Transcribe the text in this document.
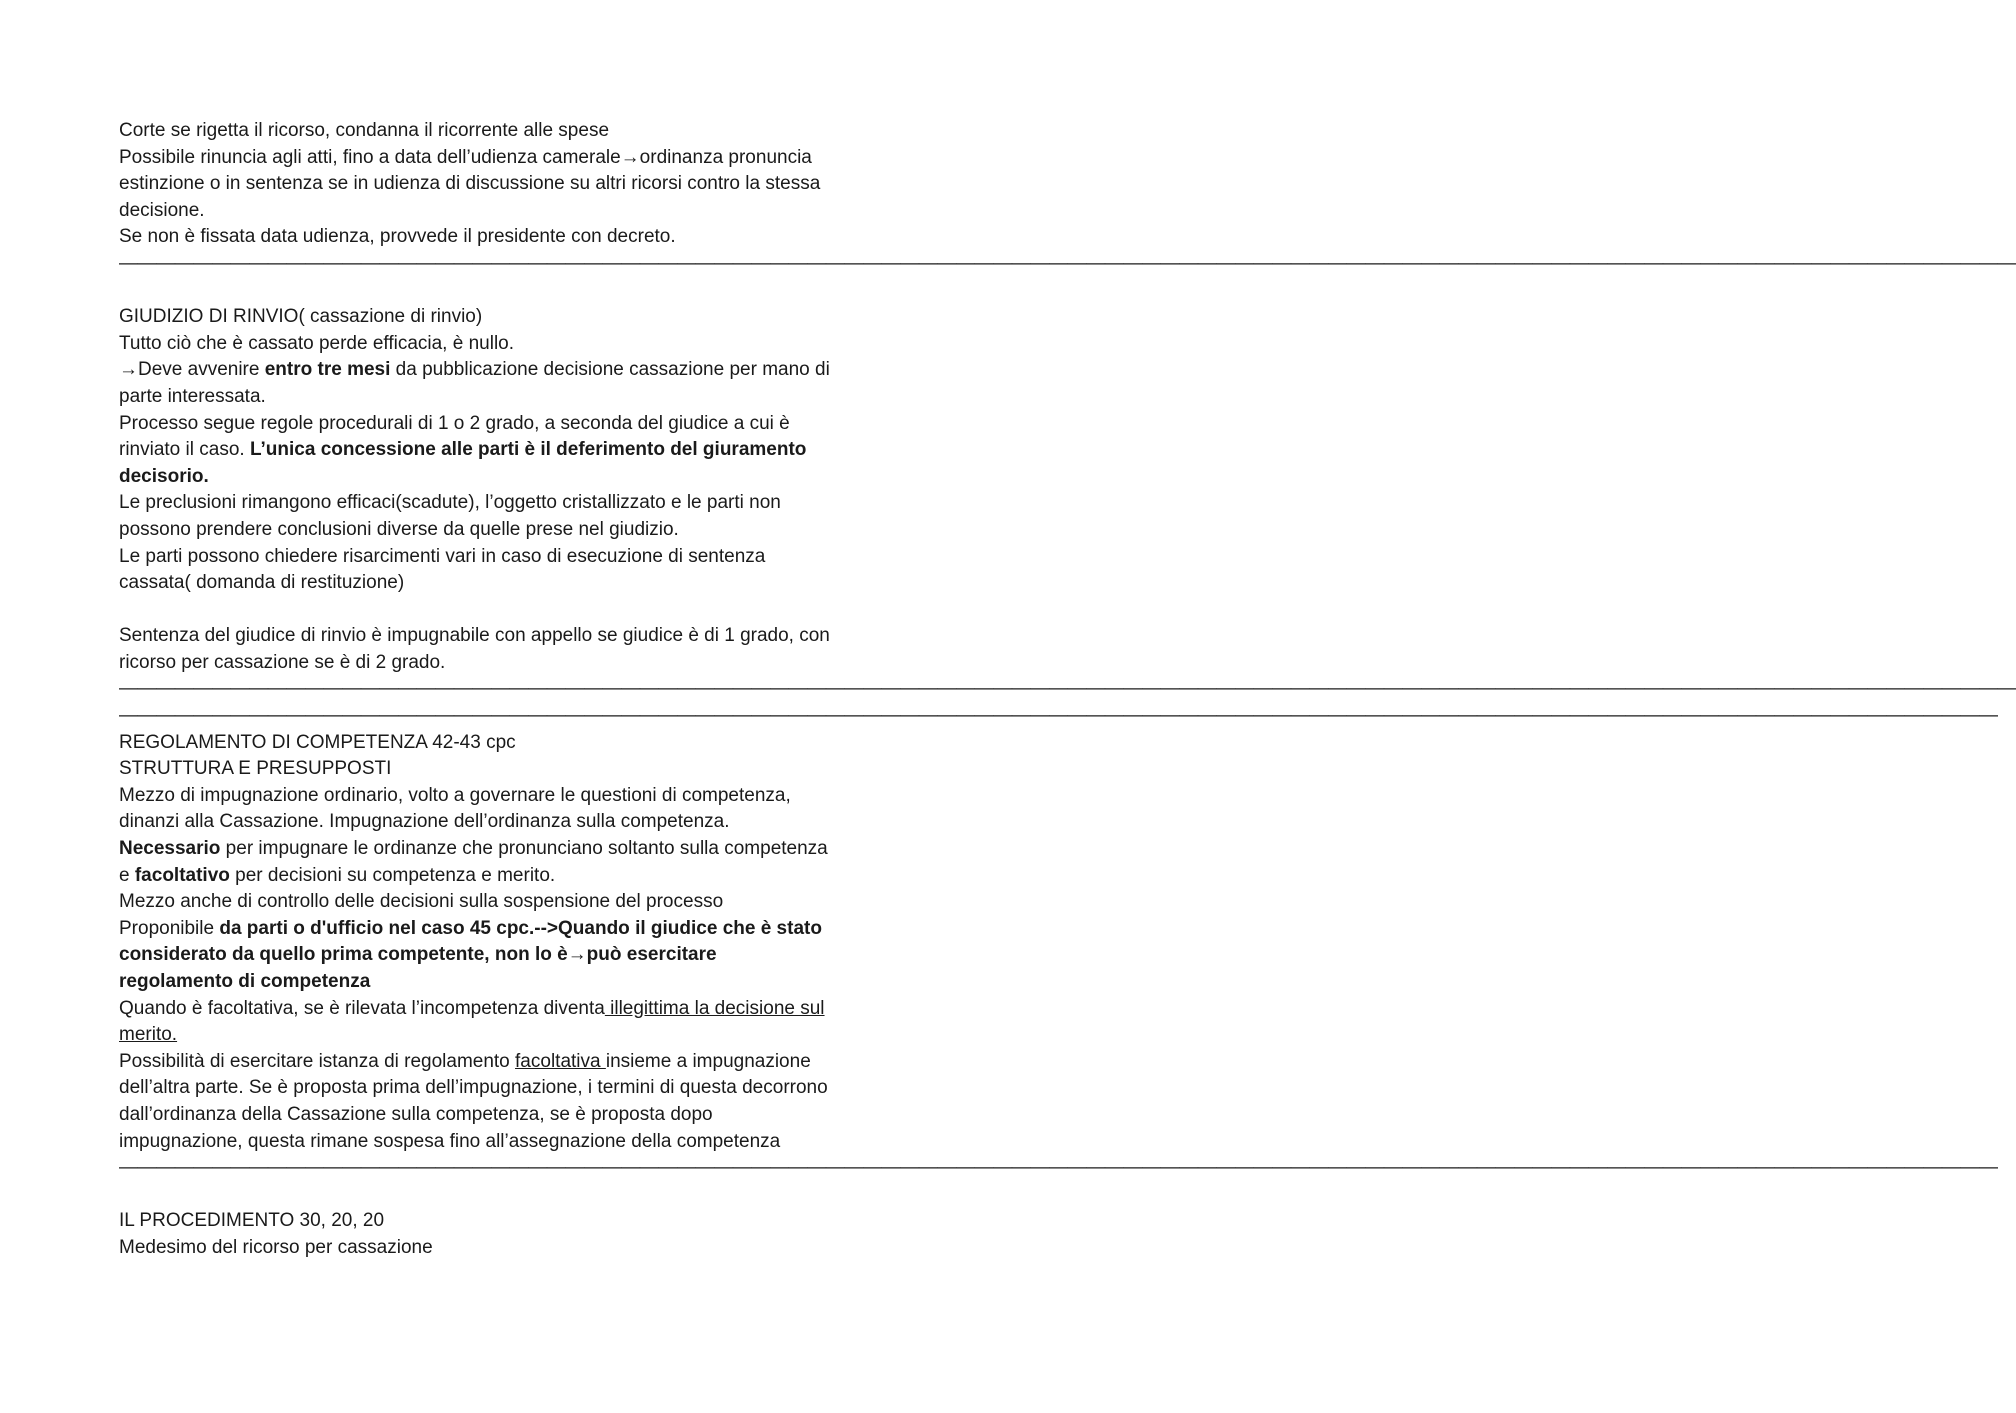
Corte se rigetta il ricorso, condanna il ricorrente alle spese
Possibile rinuncia agli atti, fino a data dell’udienza camerale→ordinanza pronuncia
estinzione o in sentenza se in udienza di discussione su altri ricorsi contro la stessa
decisione.
Se non è fissata data udienza, provvede il presidente con decreto.
——————————————————————————————————————————————————————————————————————————————————————————————————————
GIUDIZIO DI RINVIO( cassazione di rinvio)
Tutto ciò che è cassato perde efficacia, è nullo.
→Deve avvenire entro tre mesi da pubblicazione decisione cassazione per mano di
parte interessata.
Processo segue regole procedurali di 1 o 2 grado, a seconda del giudice a cui è
rinviato il caso. L’unica concessione alle parti è il deferimento del giuramento
decisorio.
Le preclusioni rimangono efficaci(scadute), l’oggetto cristallizzato e le parti non
possono prendere conclusioni diverse da quelle prese nel giudizio.
Le parti possono chiedere risarcimenti vari in caso di esecuzione di sentenza
cassata( domanda di restituzione)
Sentenza del giudice di rinvio è impugnabile con appello se giudice è di 1 grado, con
ricorso per cassazione se è di 2 grado.
——————————————————————————————————————————————————————————————————————————————————————————————————————
—————————————————————————————————————————————————————————————————————————————————————————————————————
REGOLAMENTO DI COMPETENZA 42-43 cpc
STRUTTURA E PRESUPPOSTI
Mezzo di impugnazione ordinario, volto a governare le questioni di competenza,
dinanzi alla Cassazione. Impugnazione dell’ordinanza sulla competenza.
Necessario per impugnare le ordinanze che pronunciano soltanto sulla competenza
e facoltativo per decisioni su competenza e merito.
Mezzo anche di controllo delle decisioni sulla sospensione del processo
Proponibile da parti o d'ufficio nel caso 45 cpc.-->Quando il giudice che è stato
considerato da quello prima competente, non lo è→può esercitare
regolamento di competenza
Quando è facoltativa, se è rilevata l’incompetenza diventa illegittima la decisione sul
merito.
Possibilità di esercitare istanza di regolamento facoltativa insieme a impugnazione
dell’altra parte. Se è proposta prima dell’impugnazione, i termini di questa decorrono
dall’ordinanza della Cassazione sulla competenza, se è proposta dopo
impugnazione, questa rimane sospesa fino all’assegnazione della competenza
—————————————————————————————————————————————————————————————————————————————————————————————————————
IL PROCEDIMENTO 30, 20, 20
Medesimo del ricorso per cassazione
